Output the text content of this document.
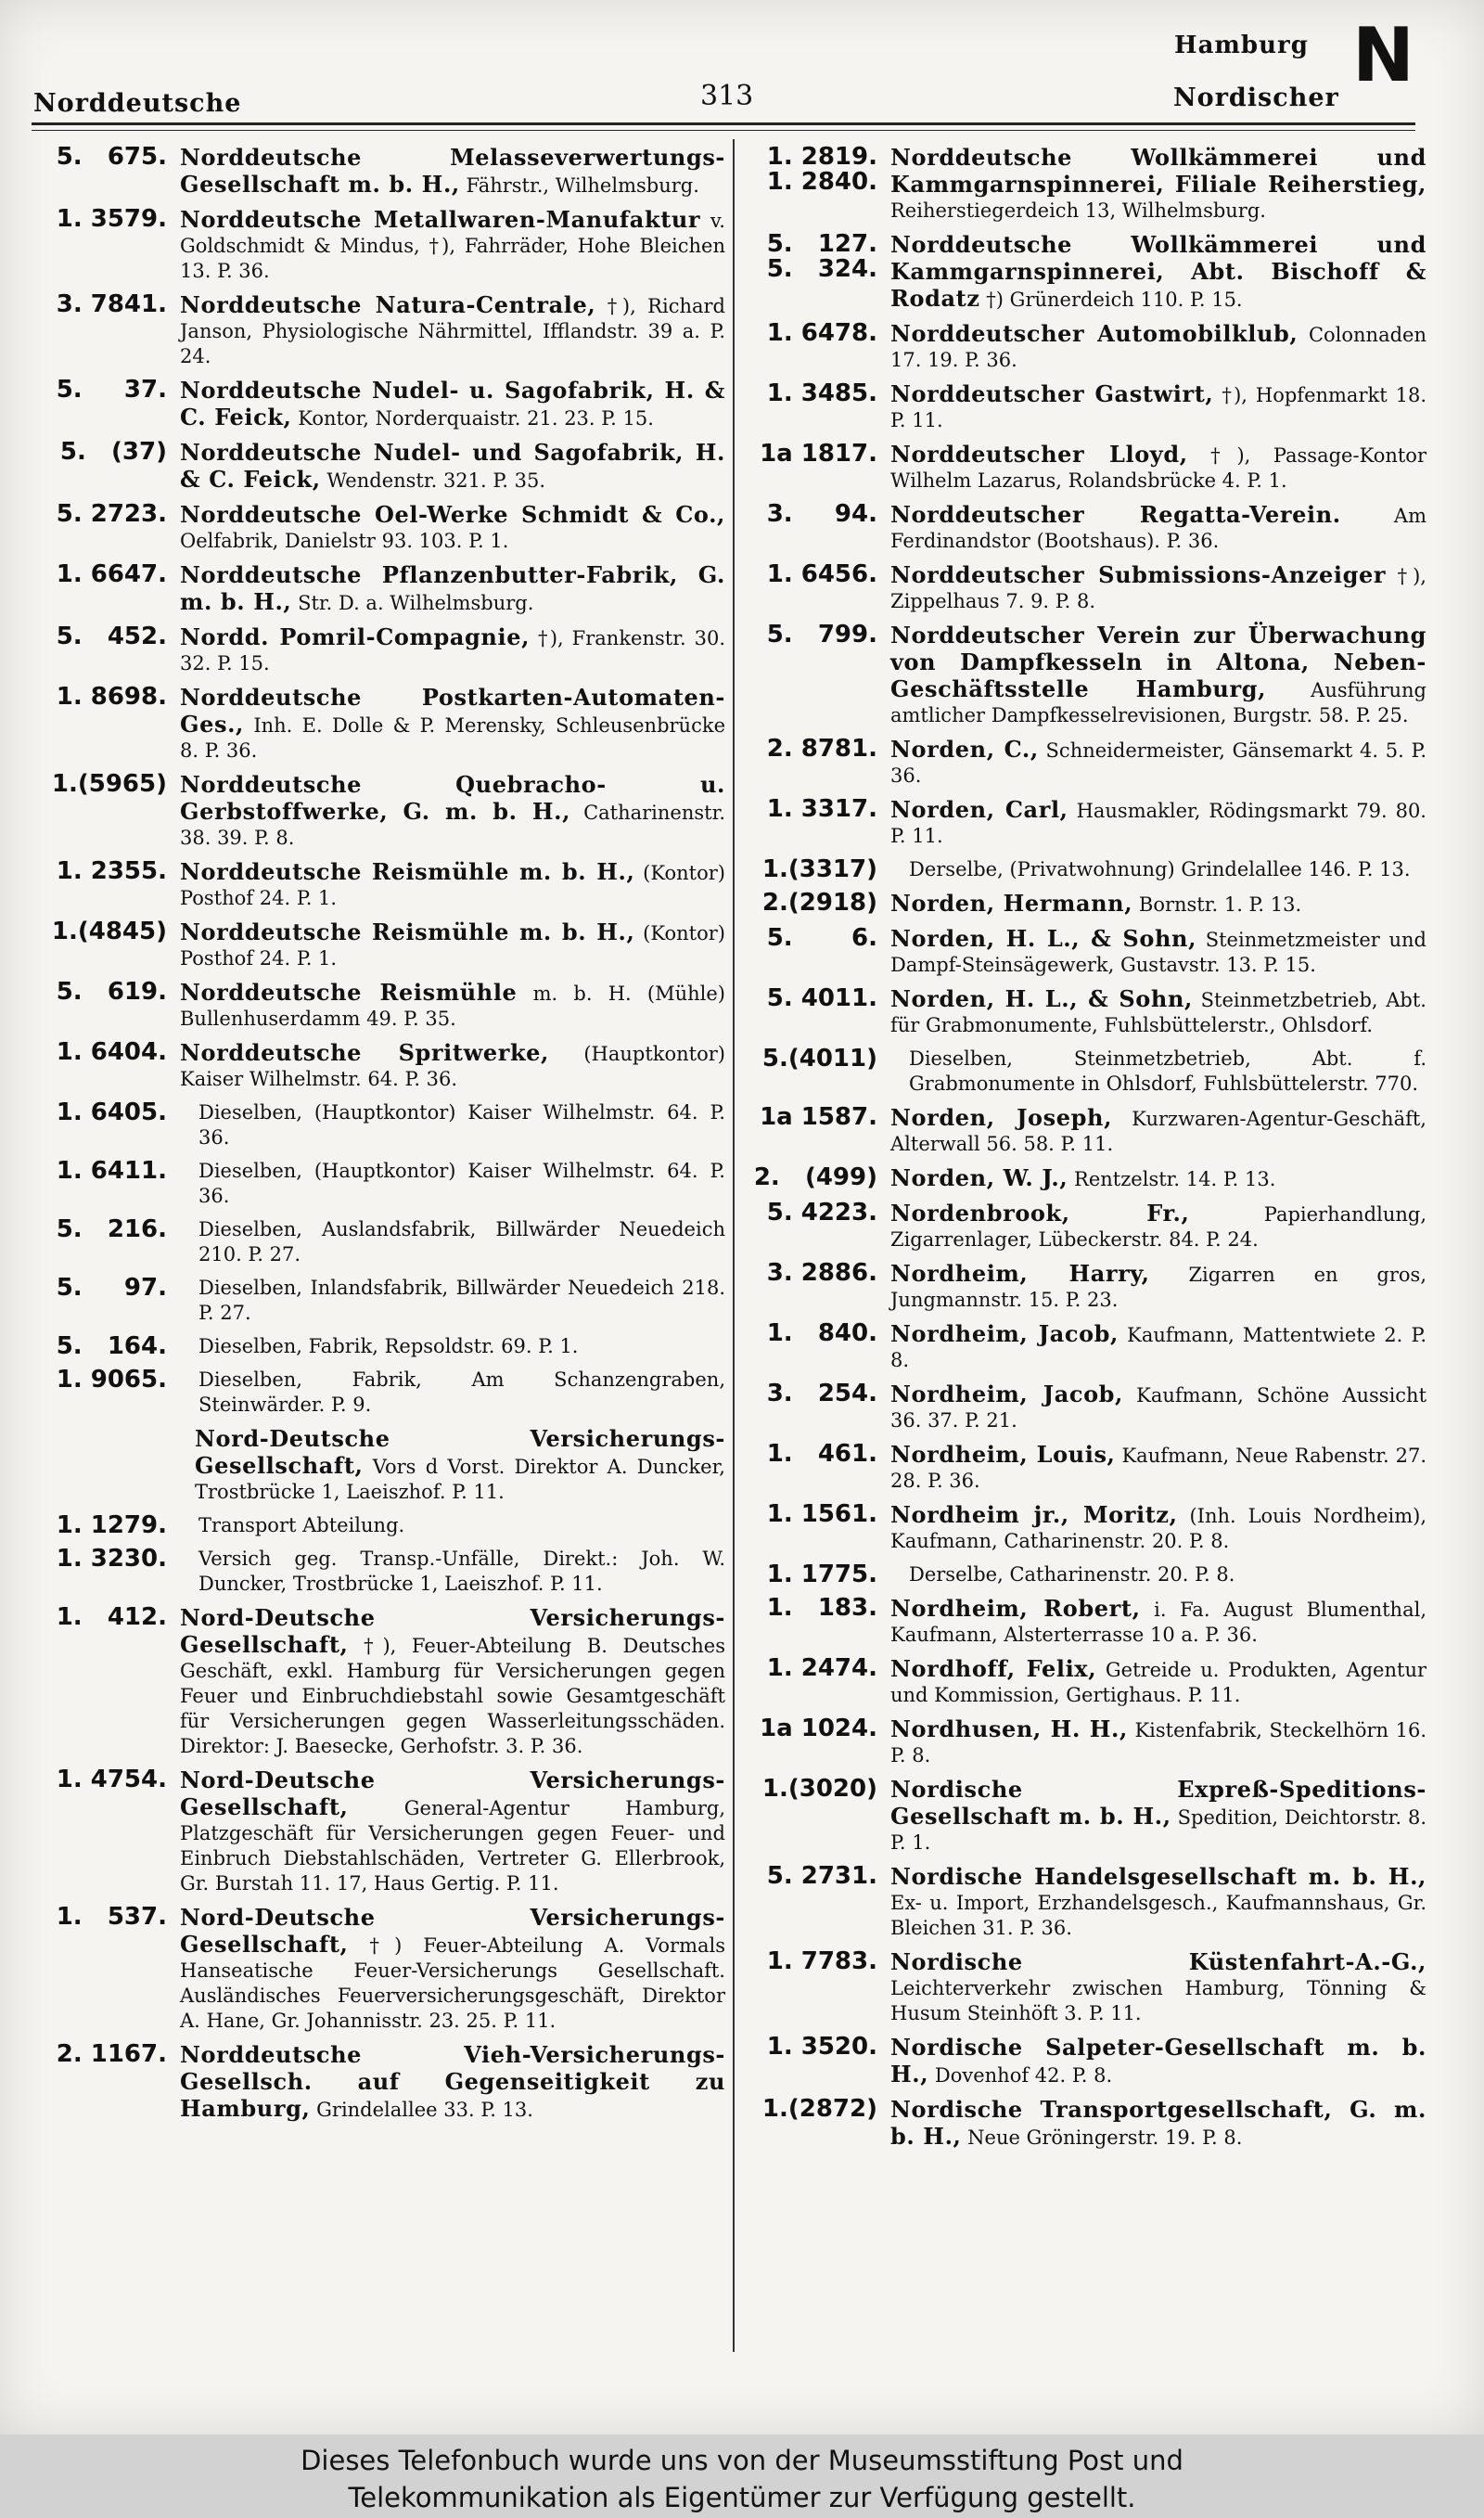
Norddeutsche	313
Hamburg
Nordischer N
5.   675. Norddeutsche Melasseverwertungs-Gesellschaft m. b. H., Fährstr., Wilhelmsburg.
1. 3579. Norddeutsche Metallwaren-Manufaktur v. Goldschmidt & Mindus, †), Fahrräder, Hohe Bleichen 13. P. 36.
3. 7841. Norddeutsche Natura-Centrale, †), Richard Janson, Physiologische Nährmittel, Ifflandstr. 39 a. P. 24.
5.     37. Norddeutsche Nudel- u. Sagofabrik, H. & C. Feick, Kontor, Norderquaistr. 21. 23. P. 15.
5.   (37) Norddeutsche Nudel- und Sagofabrik, H. & C. Feick, Wendenstr. 321. P. 35.
5. 2723. Norddeutsche Oel-Werke Schmidt & Co., Oelfabrik, Danielstr 93. 103. P. 1.
1. 6647. Norddeutsche Pflanzenbutter-Fabrik, G. m. b. H., Str. D. a. Wilhelmsburg.
5.   452. Nordd. Pomril-Compagnie, †), Frankenstr. 30. 32. P. 15.
1. 8698. Norddeutsche Postkarten-Automaten-Ges., Inh. E. Dolle & P. Merensky, Schleusenbrücke 8. P. 36.
1.(5965) Norddeutsche Quebracho- u. Gerbstoffwerke, G. m. b. H., Catharinenstr. 38. 39. P. 8.
1. 2355. Norddeutsche Reismühle m. b. H., (Kontor) Posthof 24. P. 1.
1.(4845) Norddeutsche Reismühle m. b. H., (Kontor) Posthof 24. P. 1.
5.   619. Norddeutsche Reismühle m. b. H. (Mühle) Bullenhuserdamm 49. P. 35.
1. 6404. Norddeutsche Spritwerke, (Hauptkontor) Kaiser Wilhelmstr. 64. P. 36.
1. 6405.	Dieselben, (Hauptkontor) Kaiser Wilhelmstr. 64. P. 36.
1. 6411.	Dieselben, (Hauptkontor) Kaiser Wilhelmstr. 64. P. 36.
5.   216.	Dieselben, Auslandsfabrik, Billwärder Neuedeich 210. P. 27.
5.     97.	Dieselben, Inlandsfabrik, Billwärder Neuedeich 218. P. 27.
5.   164.	Dieselben, Fabrik, Repsoldstr. 69. P. 1.
1. 9065.	Dieselben, Fabrik, Am Schanzengraben, Steinwärder. P. 9.
Nord-Deutsche Versicherungs-Gesellschaft, Vors d Vorst. Direktor A. Duncker, Trostbrücke 1, Laeiszhof. P. 11.
1. 1279.	Transport Abteilung.
1. 3230.	Versich geg. Transp.-Unfälle, Direkt.: Joh. W. Duncker, Trostbrücke 1, Laeiszhof. P. 11.
1.   412. Nord-Deutsche Versicherungs-Gesellschaft, †), Feuer-Abteilung B. Deutsches Geschäft, exkl. Hamburg für Versicherungen gegen Feuer und Einbruchdiebstahl sowie Gesamtgeschäft für Versicherungen gegen Wasserleitungsschäden. Direktor: J. Baesecke, Gerhofstr. 3. P. 36.
1. 4754. Nord-Deutsche Versicherungs-Gesellschaft,	General-Agentur Hamburg, Platzgeschäft für Versicherungen gegen Feuer- und Einbruch Diebstahlschäden, Vertreter G. Ellerbrook, Gr. Burstah 11. 17, Haus Gertig. P. 11.
1.   537. Nord-Deutsche Versicherungs-Gesellschaft, †) Feuer-Abteilung A. Vormals Hanseatische Feuer-Versicherungs Gesellschaft. Ausländisches Feuerversicherungsgeschäft, Direktor A. Hane, Gr. Johannisstr. 23. 25. P. 11.
2. 1167. Norddeutsche Vieh-Versicherungs-Gesellsch. auf Gegenseitigkeit zu Hamburg, Grindelallee 33. P. 13.
1. 2819.
1. 2840.
Norddeutsche Wollkämmerei und Kammgarnspinnerei, Filiale Reiherstieg, Reiherstiegerdeich 13, Wilhelmsburg.
5.   127.
5.   324.
Norddeutsche Wollkämmerei und Kammgarnspinnerei, Abt. Bischoff & Rodatz †) Grünerdeich 110. P. 15.
1. 6478. Norddeutscher Automobilklub, Colonnaden 17. 19. P. 36.
1. 3485. Norddeutscher Gastwirt, †), Hopfenmarkt 18. P. 11.
1a 1817. Norddeutscher Lloyd, †), Passage-Kontor Wilhelm Lazarus, Rolandsbrücke 4. P. 1.
3.     94. Norddeutscher Regatta-Verein.	Am Ferdinandstor (Bootshaus). P. 36.
1. 6456. Norddeutscher Submissions-Anzeiger †), Zippelhaus 7. 9. P. 8.
5.   799. Norddeutscher Verein zur Überwachung von Dampfkesseln in Altona, Neben-Geschäftsstelle Hamburg, Ausführung amtlicher Dampfkesselrevisionen, Burgstr. 58. P. 25.
2. 8781. Norden, C., Schneidermeister, Gänsemarkt 4. 5. P. 36.
1. 3317. Norden, Carl, Hausmakler, Rödingsmarkt 79. 80. P. 11.
1.(3317)	Derselbe, (Privatwohnung) Grindelallee 146. P. 13.
2.(2918) Norden, Hermann, Bornstr. 1. P. 13.
5.       6. Norden, H. L., & Sohn, Steinmetzmeister und Dampf-Steinsägewerk, Gustavstr. 13. P. 15.
5. 4011. Norden, H. L., & Sohn, Steinmetzbetrieb, Abt. für Grabmonumente, Fuhlsbüttelerstr., Ohlsdorf.
5.(4011)	Dieselben, Steinmetzbetrieb, Abt. f. Grabmonumente in Ohlsdorf, Fuhlsbüttelerstr. 770.
1a 1587. Norden, Joseph, Kurzwaren-Agentur-Geschäft, Alterwall 56. 58. P. 11.
2.   (499) Norden, W. J., Rentzelstr. 14. P. 13.
5. 4223. Nordenbrook, Fr.,	Papierhandlung, Zigarrenlager, Lübeckerstr. 84. P. 24.
3. 2886. Nordheim, Harry, Zigarren en gros, Jungmannstr. 15. P. 23.
1.   840. Nordheim, Jacob, Kaufmann, Mattentwiete 2. P. 8.
3.   254. Nordheim, Jacob, Kaufmann, Schöne Aussicht 36. 37. P. 21.
1.   461. Nordheim, Louis, Kaufmann, Neue Rabenstr. 27. 28. P. 36.
1. 1561. Nordheim jr., Moritz, (Inh. Louis Nordheim), Kaufmann, Catharinenstr. 20. P. 8.
1. 1775.	Derselbe, Catharinenstr. 20. P. 8.
1.   183. Nordheim, Robert, i. Fa. August Blumenthal, Kaufmann, Alsterterrasse 10 a. P. 36.
1. 2474. Nordhoff, Felix, Getreide u. Produkten, Agentur und Kommission, Gertighaus. P. 11.
1a 1024. Nordhusen, H. H., Kistenfabrik, Steckelhörn 16. P. 8.
1.(3020) Nordische Expreß-Speditions-Gesellschaft m. b. H., Spedition, Deichtorstr. 8. P. 1.
5. 2731. Nordische Handelsgesellschaft m. b. H., Ex- u. Import, Erzhandelsgesch., Kaufmannshaus, Gr. Bleichen 31. P. 36.
1. 7783. Nordische Küstenfahrt-A.-G., Leichterverkehr zwischen Hamburg, Tönning & Husum Steinhöft 3. P. 11.
1. 3520. Nordische Salpeter-Gesellschaft m. b. H., Dovenhof 42. P. 8.
1.(2872) Nordische Transportgesellschaft, G. m. b. H., Neue Gröningerstr. 19. P. 8.
Dieses Telefonbuch wurde uns von der Museumsstiftung Post und
Telekommunikation als Eigentümer zur Verfügung gestellt.
